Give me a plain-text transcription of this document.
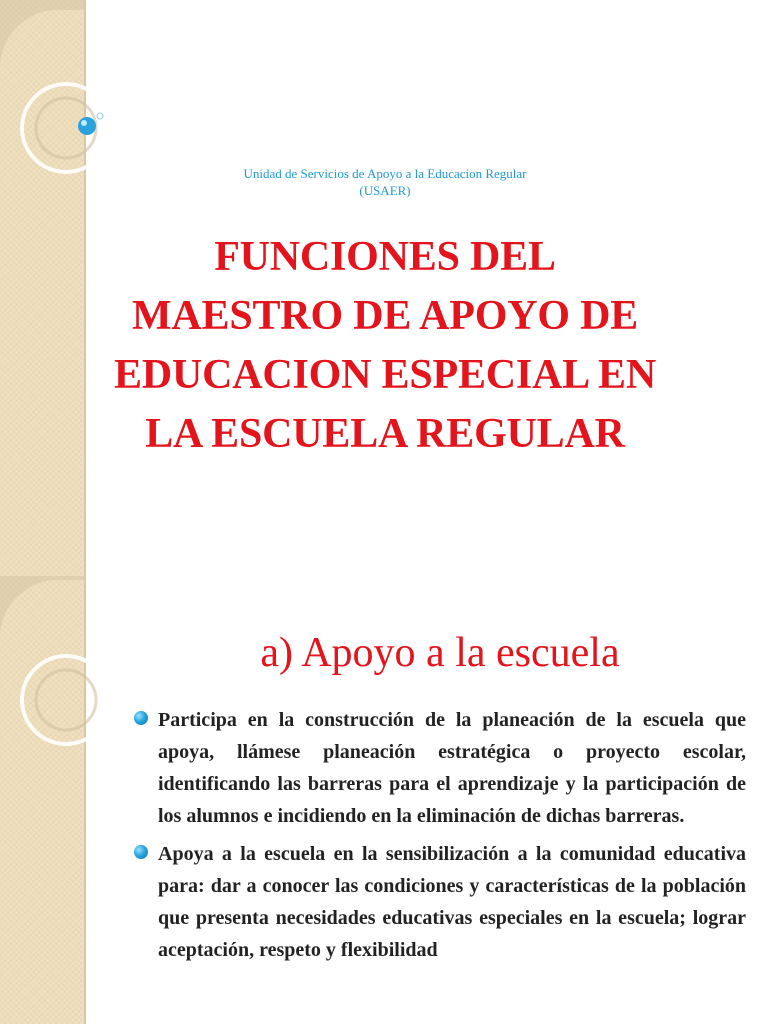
Unidad de Servicios de Apoyo a la Educacion Regular
(USAER)
FUNCIONES DEL
MAESTRO DE APOYO DE
EDUCACION ESPECIAL EN
LA ESCUELA REGULAR
a) Apoyo a la escuela
Participa en la construcción de la planeación de la escuela que apoya, llámese planeación estratégica o proyecto escolar, identificando las barreras para el aprendizaje y la participación de los alumnos e incidiendo en la eliminación de dichas barreras.
Apoya a la escuela en la sensibilización a la comunidad educativa para: dar a conocer las condiciones y características de la población que presenta necesidades educativas especiales en la escuela; lograr aceptación, respeto y flexibilidad
